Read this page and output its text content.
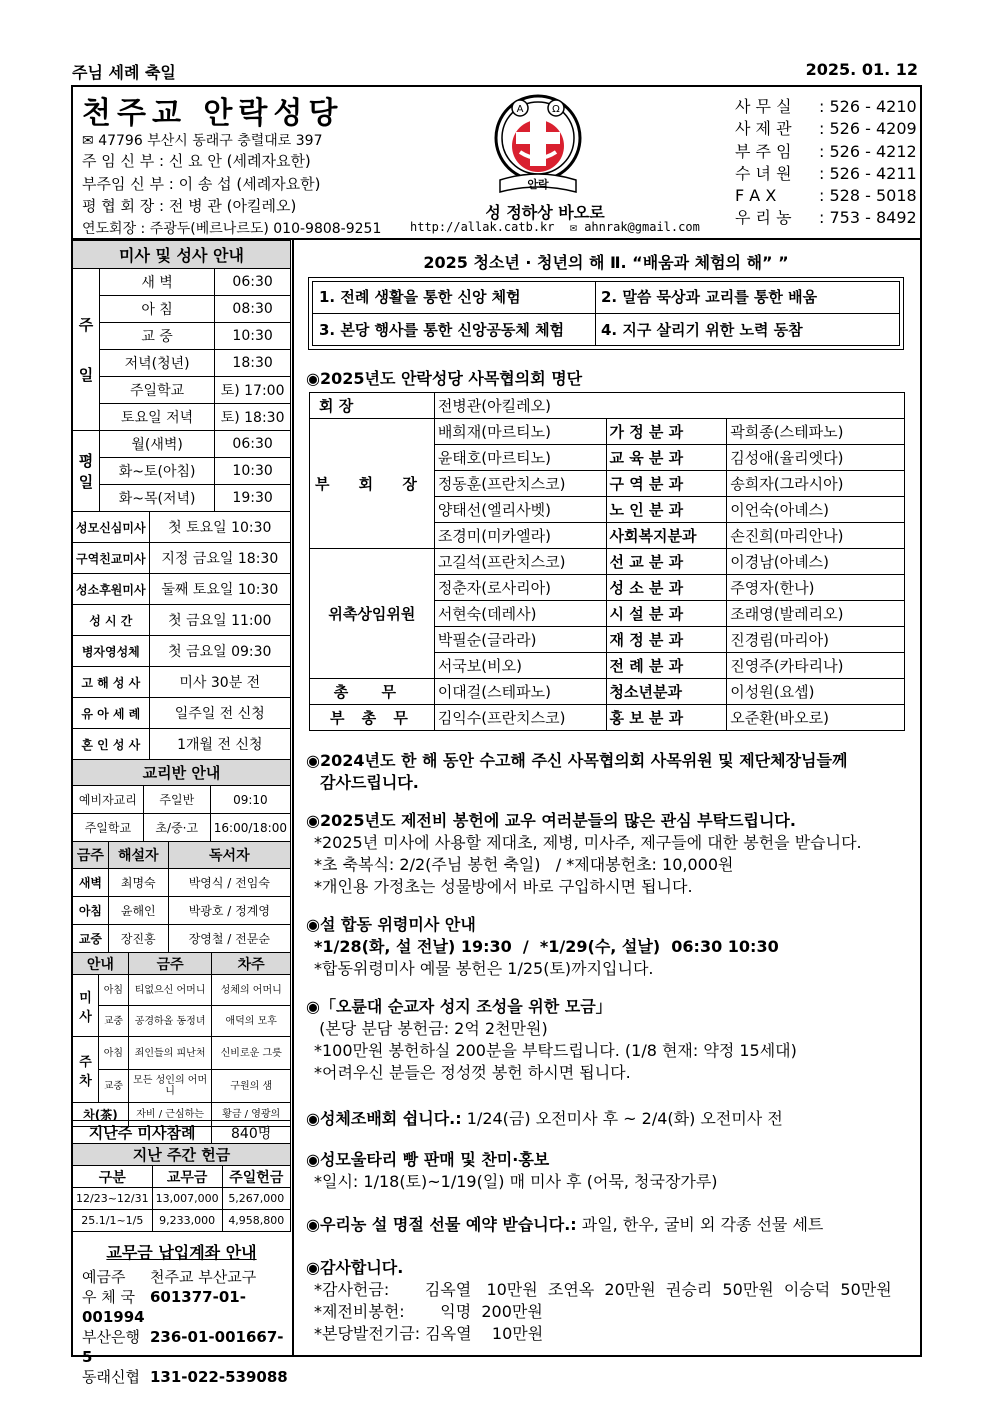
주님 세례 축일	2025. 01. 12
천주교 안락성당
✉ 47796 부산시 동래구 충렬대로 397
주 임 신 부 : 신 요 안 (세례자요한)
부주임 신 부 : 이 송 섭 (세례자요한)
평 협 회 장 : 전 병 관 (아킬레오)
연도회장 : 주광두(베르나르도) 010-9808-9251
A	Ω
안락
성 정하상 바오로
http://allak.catb.kr ✉ ahnrak@gmail.com
사 무 실 : 526 - 4210
사 제 관 : 526 - 4209
부 주 임 : 526 - 4212
수 녀 원 : 526 - 4211
F A X	: 528 - 5018
우 리 농 : 753 - 8492
미사 및 성사 안내		
주일	새 벽	06:30
	아 침	08:30
	교 중	10:30
	저녁(청년)	18:30
	주일학교	토) 17:00
	토요일 저녁	토) 18:30
평일	월(새벽)	06:30
	화~토(아침)	10:30
	화~목(저녁)	19:30
성모신심미사	첫 토요일 10:30
구역친교미사	지정 금요일 18:30
성소후원미사	둘째 토요일 10:30
성 시 간	첫 금요일 11:00
병자영성체	첫 금요일 09:30
고 해 성 사	미사 30분 전
유 아 세 례	일주일 전 신청
혼 인 성 사	1개월 전 신청
교리반 안내		
예비자교리	주일반	09:10
주일학교	초/중·고	16:00/18:00
금주	해설자	독서자
새벽	최명숙	박영식 / 전임숙
아침	윤해인	박광호 / 정계영
교중	장진홍	장영철 / 전문순
안내		금주	차주
미사	아침	티없으신 어머니	성체의 어머니
	교중	공경하올 동정녀	애덕의 모후
주차	아침	죄인들의 피난처	신비로운 그릇
	교중	모든 성인의 어머니	구원의 샘
차(茶)		자비 / 근심하는	황금 / 영광의
지난주 미사참례	840명
지난 주간 헌금		
구분	교무금	주일헌금
12/23~12/31	13,007,000	5,267,000
25.1/1~1/5	9,233,000	4,958,800
교무금 납입계좌 안내
예금주 천주교 부산교구
우 체 국 601377-01-001994
부산은행 236-01-001667-5
동래신협 131-022-539088
2025 청소년 · 청년의 해 Ⅱ. “배움과 체험의 해” ”
1. 전례 생활을 통한 신앙 체험	2. 말씀 묵상과 교리를 통한 배움
3. 본당 행사를 통한 신앙공동체 체험 4. 지구 살리기 위한 노력 동참
◉2025년도 안락성당 사목협의회 명단
회 장	전병관(아킬레오)		
부 회 장	배희재(마르티노)	가 정 분 과	곽희종(스테파노)
	윤태호(마르티노)	교 육 분 과	김성애(율리엣다)
	정동훈(프란치스코)	구 역 분 과	송희자(그라시아)
	양태선(엘리사벳)	노 인 분 과	이언숙(아녜스)
	조경미(미카엘라)	사회복지분과	손진희(마리안나)
위촉상임위원	고길석(프란치스코)	선 교 분 과	이경남(아녜스)
	정춘자(로사리아)	성 소 분 과	주영자(한나)
	서현숙(데레사)	시 설 분 과	조래영(발레리오)
	박필순(글라라)	재 정 분 과	진경림(마리아)
	서국보(비오)	전 례 분 과	진영주(카타리나)
총 무	이대걸(스테파노)	청소년분과	이성원(요셉)
부 총 무	김익수(프란치스코)	홍 보 분 과	오준환(바오로)
◉2024년도 한 해 동안 수고해 주신 사목협의회 사목위원 및 제단체장님들께
감사드립니다.
◉2025년도 제전비 봉헌에 교우 여러분들의 많은 관심 부탁드립니다.
*2025년 미사에 사용할 제대초, 제병, 미사주, 제구들에 대한 봉헌을 받습니다.
*초 축복식: 2/2(주님 봉헌 축일)   / *제대봉헌초: 10,000원
*개인용 가정초는 성물방에서 바로 구입하시면 됩니다.
◉설 합동 위령미사 안내
*1/28(화, 설 전날) 19:30  /  *1/29(수, 설날)  06:30 10:30
*합동위령미사 예물 봉헌은 1/25(토)까지입니다.
◉「오륜대 순교자 성지 조성을 위한 모금」
(본당 분담 봉헌금: 2억 2천만원)
*100만원 봉헌하실 200분을 부탁드립니다. (1/8 현재: 약정 15세대)
*어려우신 분들은 정성껏 봉헌 하시면 됩니다.
◉성체조배회 쉽니다.: 1/24(금) 오전미사 후 ~ 2/4(화) 오전미사 전
◉성모울타리 빵 판매 및 찬미·홍보
*일시: 1/18(토)~1/19(일) 매 미사 후 (어묵, 청국장가루)
◉우리농 설 명절 선물 예약 받습니다.: 과일, 한우, 굴비 외 각종 선물 세트
◉감사합니다.
*감사헌금:       김옥열   10만원  조연옥  20만원  권승리  50만원  이승덕  50만원
*제전비봉헌:       익명  200만원
*본당발전기금: 김옥열    10만원
